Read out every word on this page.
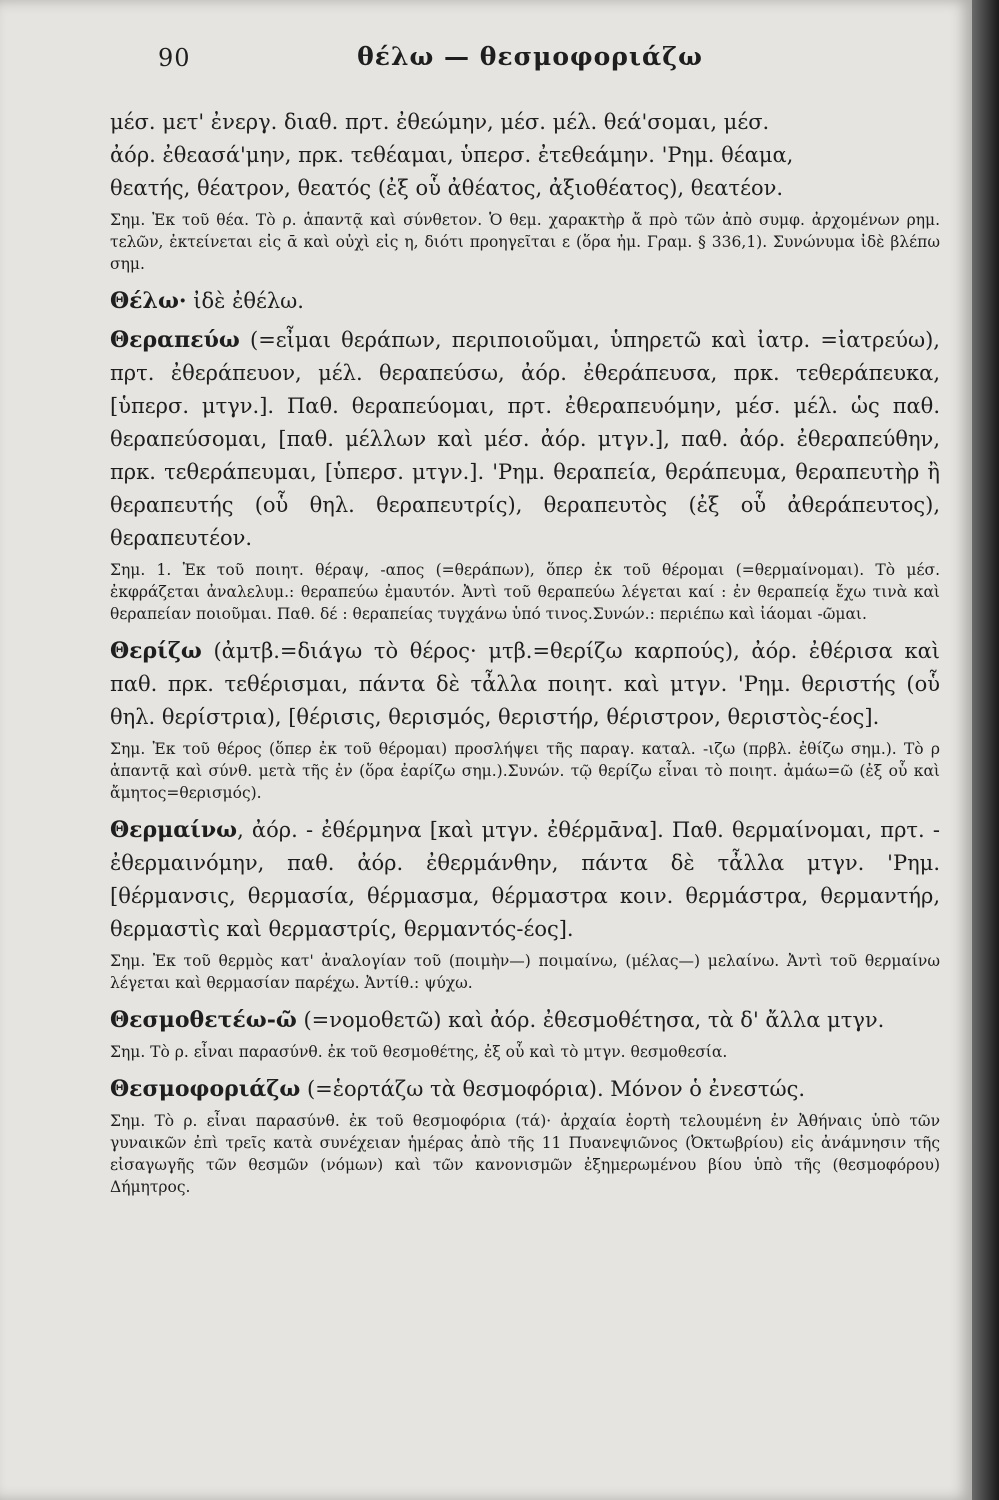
90	θέλω — θεσμοφοριάζω

μέσ. μετ' ἐνεργ. διαθ. πρτ. ἐθεώμην, μέσ. μέλ. θεά'σομαι, μέσ.

ἀόρ. ἐθεασά'μην, πρκ. τεθέαμαι, ὑπερσ. ἐτεθεάμην. 'Ρημ. θέαμα,

θεατής, θέατρον, θεατός (ἐξ οὗ ἀθέατος, ἀξιοθέατος), θεατέον.

Σημ. Ἐκ τοῦ θέα. Τὸ ρ. ἁπαντᾷ καὶ σύνθετον. Ὁ θεμ. χαρακτὴρ ἄ πρὸ τῶν ἀπὸ συμφ. ἀρχομένων ρημ. τελῶν, ἐκτείνεται εἰς ᾱ καὶ οὐχὶ εἰς η, διότι προηγεῖται ε (ὅρα ἠμ. Γραμ. § 336,1). Συνώνυμα ἰδὲ βλέπω σημ.

Θέλω· ἰδὲ ἐθέλω.

Θεραπεύω (=εἶμαι θεράπων, περιποιοῦμαι, ὑπηρετῶ καὶ ἰατρ. =ἰατρεύω), πρτ. ἐθεράπευον, μέλ. θεραπεύσω, ἀόρ. ἐθεράπευσα, πρκ. τεθεράπευκα, [ὑπερσ. μτγν.]. Παθ. θεραπεύομαι, πρτ. ἐθεραπευόμην, μέσ. μέλ. ὡς παθ. θεραπεύσομαι, [παθ. μέλλων καὶ μέσ. ἀόρ. μτγν.], παθ. ἀόρ. ἐθεραπεύθην, πρκ. τεθεράπευμαι, [ὑπερσ. μτγν.]. 'Ρημ. θεραπεία, θεράπευμα, θεραπευτὴρ ἢ θεραπευτής (οὗ θηλ. θεραπευτρίς), θεραπευτὸς (ἐξ οὗ ἀθεράπευτος), θεραπευτέον.

Σημ. 1. Ἐκ τοῦ ποιητ. θέραψ, -απος (=θεράπων), ὅπερ ἐκ τοῦ θέρομαι (=θερμαίνομαι). Τὸ μέσ. ἐκφράζεται ἀναλελυμ.: θεραπεύω ἐμαυτόν. Ἀντὶ τοῦ θεραπεύω λέγεται καί : ἐν θεραπείᾳ ἔχω τινὰ καὶ θεραπείαν ποιοῦμαι. Παθ. δέ : θεραπείας τυγχάνω ὑπό τινος.Συνών.: περιέπω καὶ ἰάομαι -ῶμαι.

Θερίζω (ἀμτβ.=διάγω τὸ θέρος· μτβ.=θερίζω καρπούς), ἀόρ. ἐθέρισα καὶ παθ. πρκ. τεθέρισμαι, πάντα δὲ τἆλλα ποιητ. καὶ μτγν. 'Ρημ. θεριστής (οὗ θηλ. θερίστρια), [θέρισις, θερισμός, θεριστήρ, θέριστρον, θεριστὸς-έος].

Σημ. Ἐκ τοῦ θέρος (ὅπερ ἐκ τοῦ θέρομαι) προσλήψει τῆς παραγ. καταλ. -ιζω (πρβλ. ἐθίζω σημ.). Τὸ ρ ἁπαντᾷ καὶ σύνθ. μετὰ τῆς ἐν (ὅρα ἐαρίζω σημ.).Συνών. τῷ θερίζω εἶναι τὸ ποιητ. ἀμάω=ῶ (ἐξ οὗ καὶ ἄμητος=θερισμός).

Θερμαίνω, ἀόρ. - ἐθέρμηνα [καὶ μτγν. ἐθέρμᾱνα]. Παθ. θερμαίνομαι, πρτ. - ἐθερμαινόμην, παθ. ἀόρ. ἐθερμάνθην, πάντα δὲ τἆλλα μτγν. 'Ρημ. [θέρμανσις, θερμασία, θέρμασμα, θέρμαστρα κοιν. θερμάστρα, θερμαντήρ, θερμαστὶς καὶ θερμαστρίς, θερμαντός-έος].

Σημ. Ἐκ τοῦ θερμὸς κατ' ἀναλογίαν τοῦ (ποιμὴν—) ποιμαίνω, (μέλας—) μελαίνω. Ἀντὶ τοῦ θερμαίνω λέγεται καὶ θερμασίαν παρέχω. Ἀντίθ.: ψύχω.

Θεσμοθετέω-ῶ (=νομοθετῶ) καὶ ἀόρ. ἐθεσμοθέτησα, τὰ δ' ἄλλα μτγν.

Σημ. Τὸ ρ. εἶναι παρασύνθ. ἐκ τοῦ θεσμοθέτης, ἐξ οὗ καὶ τὸ μτγν. θεσμοθεσία.

Θεσμοφοριάζω (=ἑορτάζω τὰ θεσμοφόρια). Μόνον ὁ ἐνεστώς.

Σημ. Τὸ ρ. εἶναι παρασύνθ. ἐκ τοῦ θεσμοφόρια (τά)· ἀρχαία ἑορτὴ τελουμένη ἐν Ἀθήναις ὑπὸ τῶν γυναικῶν ἐπὶ τρεῖς κατὰ συνέχειαν ἡμέρας ἀπὸ τῆς 11 Πυανεψιῶνος (Ὀκτωβρίου) εἰς ἀνάμνησιν τῆς εἰσαγωγῆς τῶν θεσμῶν (νόμων) καὶ τῶν κανονισμῶν ἐξημερωμένου βίου ὑπὸ τῆς (θεσμοφόρου) Δήμητρος.
